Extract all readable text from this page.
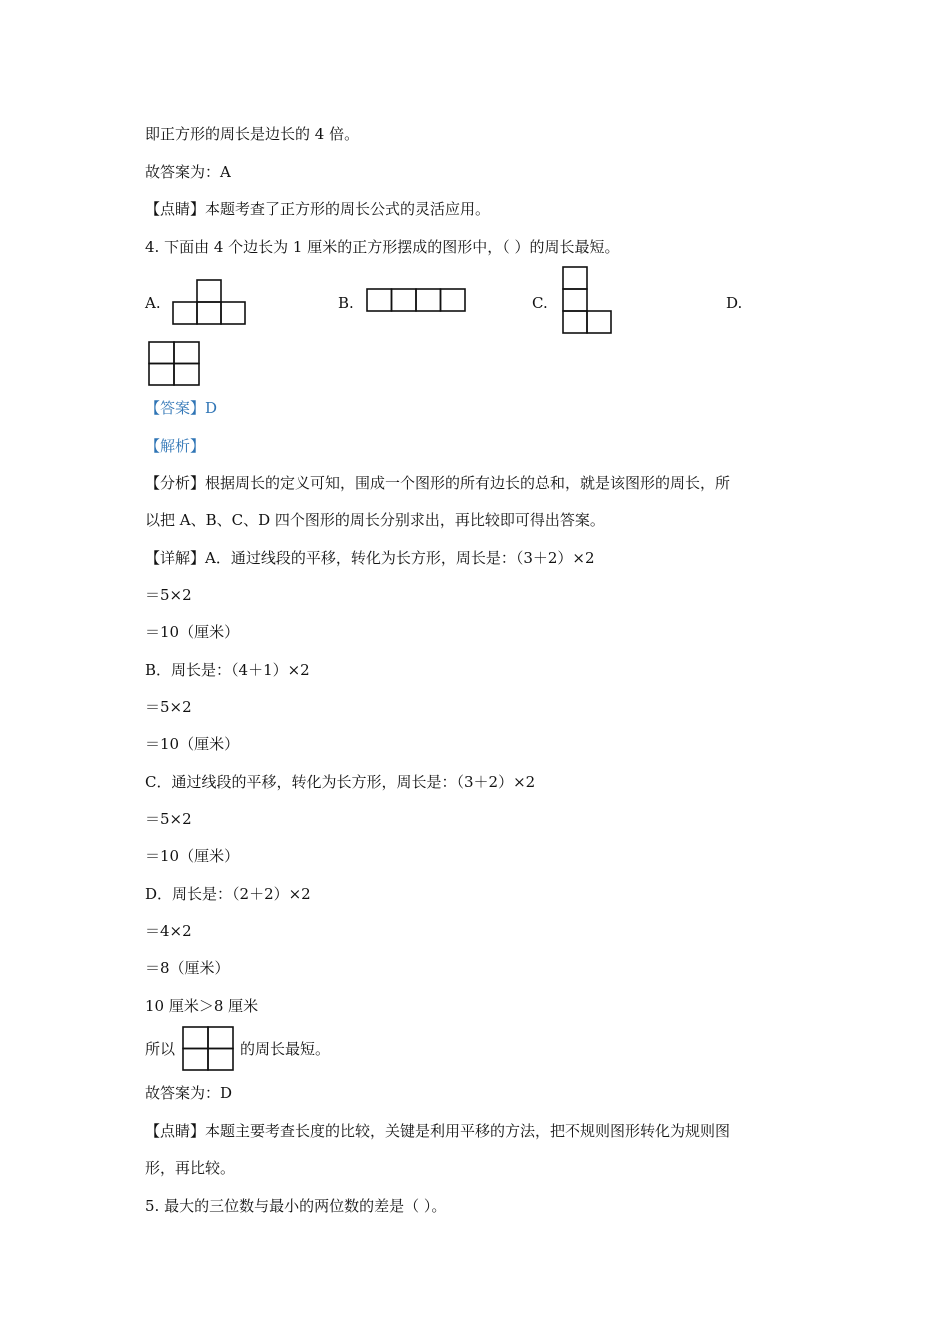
即正方形的周长是边长的 4 倍。
故答案为：A
【点睛】本题考查了正方形的周长公式的灵活应用。
4. 下面由 4 个边长为 1 厘米的正方形摆成的图形中，（ ）的周长最短。
A.	B.	C.	D.
【答案】D
【解析】
【分析】根据周长的定义可知，围成一个图形的所有边长的总和，就是该图形的周长，所
以把 A、B、C、D 四个图形的周长分别求出，再比较即可得出答案。
【详解】A．通过线段的平移，转化为长方形，周长是：（3＋2）×2
＝5×2
＝10（厘米）
B．周长是：（4＋1）×2
＝5×2
＝10（厘米）
C．通过线段的平移，转化为长方形，周长是：（3＋2）×2
＝5×2
＝10（厘米）
D．周长是：（2＋2）×2
＝4×2
＝8（厘米）
10 厘米＞8 厘米
所以	的周长最短。
故答案为：D
【点睛】本题主要考查长度的比较，关键是利用平移的方法，把不规则图形转化为规则图
形，再比较。
5. 最大的三位数与最小的两位数的差是（ ）。
